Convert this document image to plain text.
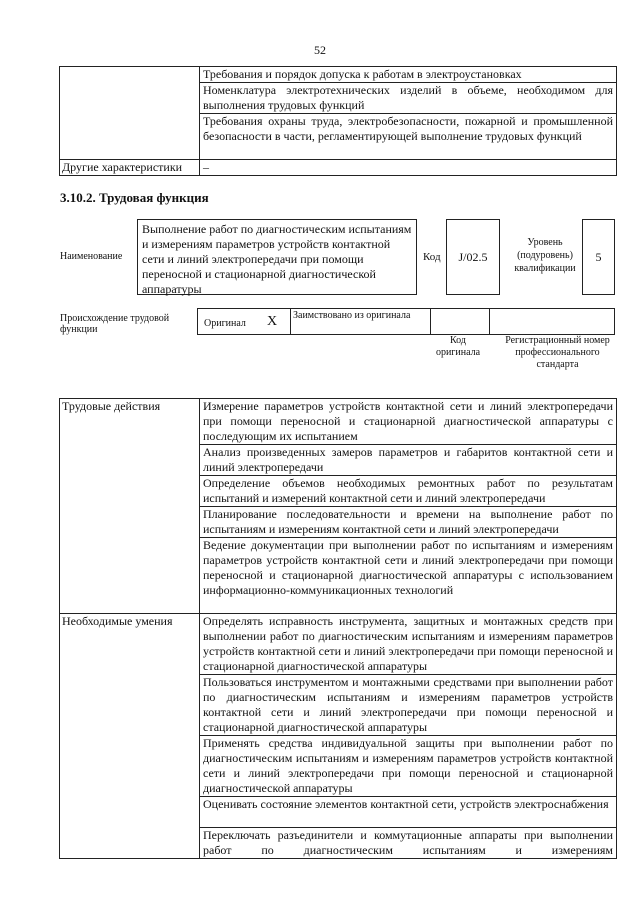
52
	Требования и порядок допуска к работам в электроустановках
	Номенклатура электротехнических изделий в объеме, необходимом для выполнения трудовых функций
	Требования охраны труда, электробезопасности, пожарной и промышленной безопасности в части, регламентирующей выполнение трудовых функций
Другие характеристики	–
3.10.2. Трудовая функция
Наименование
Выполнение работ по диагностическим испытаниям и измерениям параметров устройств контактной сети и линий электропередачи при помощи переносной и стационарной диагностической аппаратуры
Код J/02.5
Уровень (подуровень) квалификации
5
Происхождение трудовой функции
Оригинал X Заимствовано из оригинала
Код оригинала
Регистрационный номер профессионального стандарта
Трудовые действия	Измерение параметров устройств контактной сети и линий электропередачи при помощи переносной и стационарной диагностической аппаратуры с последующим их испытанием
	Анализ произведенных замеров параметров и габаритов контактной сети и линий электропередачи
	Определение объемов необходимых ремонтных работ по результатам испытаний и измерений контактной сети и линий электропередачи
	Планирование последовательности и времени на выполнение работ по испытаниям и измерениям контактной сети и линий электропередачи
	Ведение документации при выполнении работ по испытаниям и измерениям параметров устройств контактной сети и линий электропередачи при помощи переносной и стационарной диагностической аппаратуры с использованием информационно-коммуникационных технологий
Необходимые умения	Определять исправность инструмента, защитных и монтажных средств при выполнении работ по диагностическим испытаниям и измерениям параметров устройств контактной сети и линий электропередачи при помощи переносной и стационарной диагностической аппаратуры
	Пользоваться инструментом и монтажными средствами при выполнении работ по диагностическим испытаниям и измерениям параметров устройств контактной сети и линий электропередачи при помощи переносной и стационарной диагностической аппаратуры
	Применять средства индивидуальной защиты при выполнении работ по диагностическим испытаниям и измерениям параметров устройств контактной сети и линий электропередачи при помощи переносной и стационарной диагностической аппаратуры
	Оценивать состояние элементов контактной сети, устройств электроснабжения
	Переключать разъединители и коммутационные аппараты при выполнении работ по диагностическим испытаниям и измерениям
